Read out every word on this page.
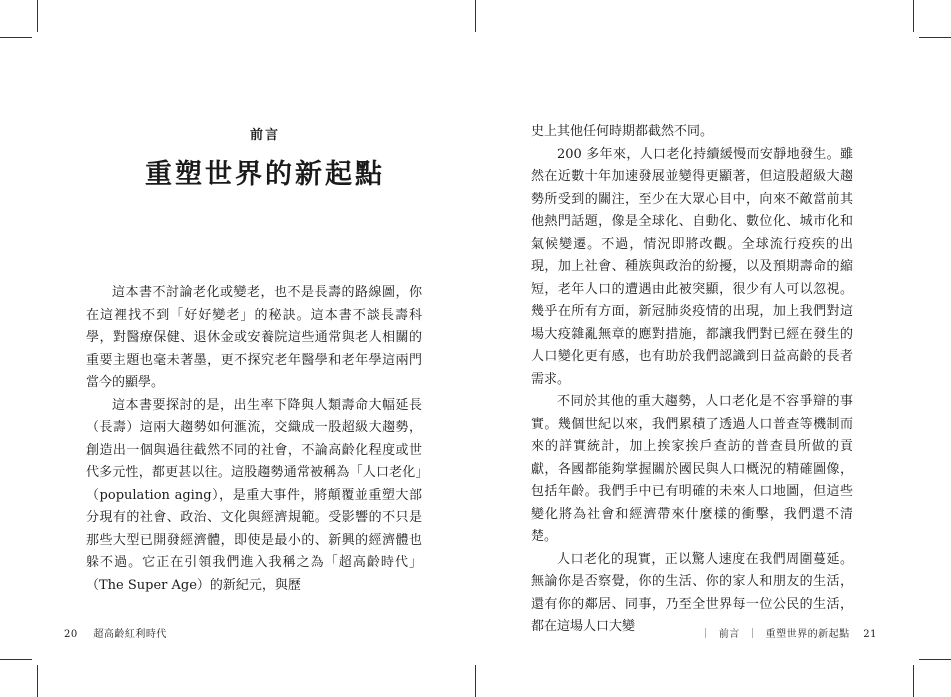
前言
重塑世界的新起點

這本書不討論老化或變老，也不是長壽的路線圖，你在這裡找不到「好好變老」的秘訣。這本書不談長壽科學，對醫療保健、退休金或安養院這些通常與老人相關的重要主題也毫未著墨，更不探究老年醫學和老年學這兩門當今的顯學。

這本書要探討的是，出生率下降與人類壽命大幅延長（長壽）這兩大趨勢如何滙流，交織成一股超級大趨勢，創造出一個與過往截然不同的社會，不論高齡化程度或世代多元性，都更甚以往。這股趨勢通常被稱為「人口老化」（population aging），是重大事件，將顛覆並重塑大部分現有的社會、政治、文化與經濟規範。受影響的不只是那些大型已開發經濟體，即使是最小的、新興的經濟體也躲不過。它正在引領我們進入我稱之為「超高齡時代」（The Super Age）的新紀元，與歷

20 超高齡紅利時代

史上其他任何時期都截然不同。

200 多年來，人口老化持續緩慢而安靜地發生。雖然在近數十年加速發展並變得更顯著，但這股超級大趨勢所受到的關注，至少在大眾心目中，向來不敵當前其他熱門話題，像是全球化、自動化、數位化、城市化和氣候變遷。不過，情況即將改觀。全球流行疫疾的出現，加上社會、種族與政治的紛擾，以及預期壽命的縮短，老年人口的遭遇由此被突顯，很少有人可以忽視。幾乎在所有方面，新冠肺炎疫情的出現，加上我們對這場大疫雜亂無章的應對措施，都讓我們對已經在發生的人口變化更有感，也有助於我們認識到日益高齡的長者需求。

不同於其他的重大趨勢，人口老化是不容爭辯的事實。幾個世紀以來，我們累積了透過人口普查等機制而來的詳實統計，加上挨家挨戶查訪的普查員所做的貢獻，各國都能夠掌握關於國民與人口概況的精確圖像，包括年齡。我們手中已有明確的未來人口地圖，但這些變化將為社會和經濟帶來什麼樣的衝擊，我們還不清楚。

人口老化的現實，正以驚人速度在我們周圍蔓延。無論你是否察覺，你的生活、你的家人和朋友的生活，還有你的鄰居、同事，乃至全世界每一位公民的生活，都在這場人口大變

｜ 前言 ｜ 重塑世界的新起點 21
